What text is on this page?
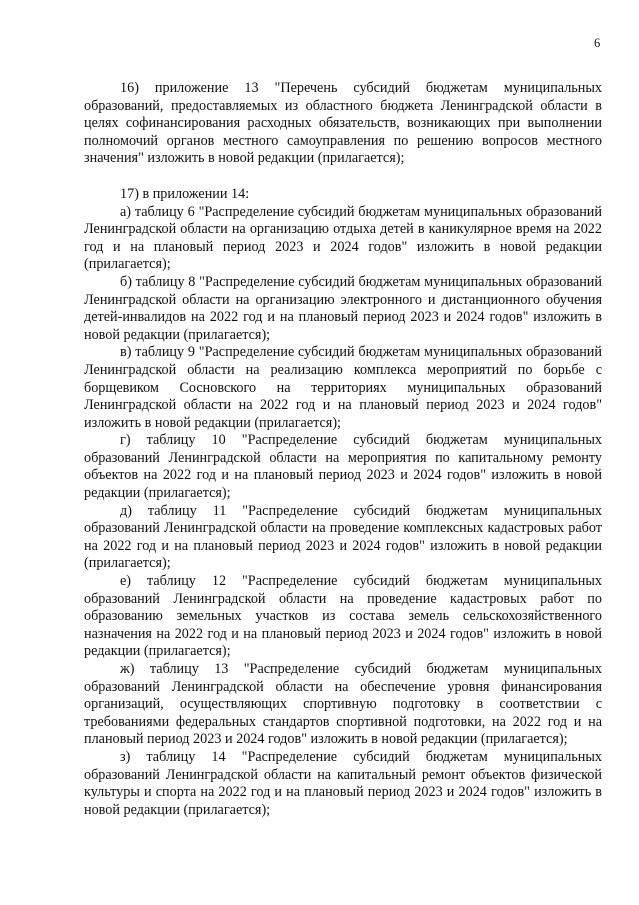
6

16) приложение 13 "Перечень субсидий бюджетам муниципальных образований, предоставляемых из областного бюджета Ленинградской области в целях софинансирования расходных обязательств, возникающих при выполнении полномочий органов местного самоуправления по решению вопросов местного значения" изложить в новой редакции (прилагается);

17) в приложении 14:

а) таблицу 6 "Распределение субсидий бюджетам муниципальных образований Ленинградской области на организацию отдыха детей в каникулярное время на 2022 год и на плановый период 2023 и 2024 годов" изложить в новой редакции (прилагается);

б) таблицу 8 "Распределение субсидий бюджетам муниципальных образований Ленинградской области на организацию электронного и дистанционного обучения детей-инвалидов на 2022 год и на плановый период 2023 и 2024 годов" изложить в новой редакции (прилагается);

в) таблицу 9 "Распределение субсидий бюджетам муниципальных образований Ленинградской области на реализацию комплекса мероприятий по борьбе с борщевиком Сосновского на территориях муниципальных образований Ленинградской области на 2022 год и на плановый период 2023 и 2024 годов" изложить в новой редакции (прилагается);

г) таблицу 10 "Распределение субсидий бюджетам муниципальных образований Ленинградской области на мероприятия по капитальному ремонту объектов на 2022 год и на плановый период 2023 и 2024 годов" изложить в новой редакции (прилагается);

д) таблицу 11 "Распределение субсидий бюджетам муниципальных образований Ленинградской области на проведение комплексных кадастровых работ на 2022 год и на плановый период 2023 и 2024 годов" изложить в новой редакции (прилагается);

е) таблицу 12 "Распределение субсидий бюджетам муниципальных образований Ленинградской области на проведение кадастровых работ по образованию земельных участков из состава земель сельскохозяйственного назначения на 2022 год и на плановый период 2023 и 2024 годов" изложить в новой редакции (прилагается);

ж) таблицу 13 "Распределение субсидий бюджетам муниципальных образований Ленинградской области на обеспечение уровня финансирования организаций, осуществляющих спортивную подготовку в соответствии с требованиями федеральных стандартов спортивной подготовки, на 2022 год и на плановый период 2023 и 2024 годов" изложить в новой редакции (прилагается);

з) таблицу 14 "Распределение субсидий бюджетам муниципальных образований Ленинградской области на капитальный ремонт объектов физической культуры и спорта на 2022 год и на плановый период 2023 и 2024 годов" изложить в новой редакции (прилагается);
